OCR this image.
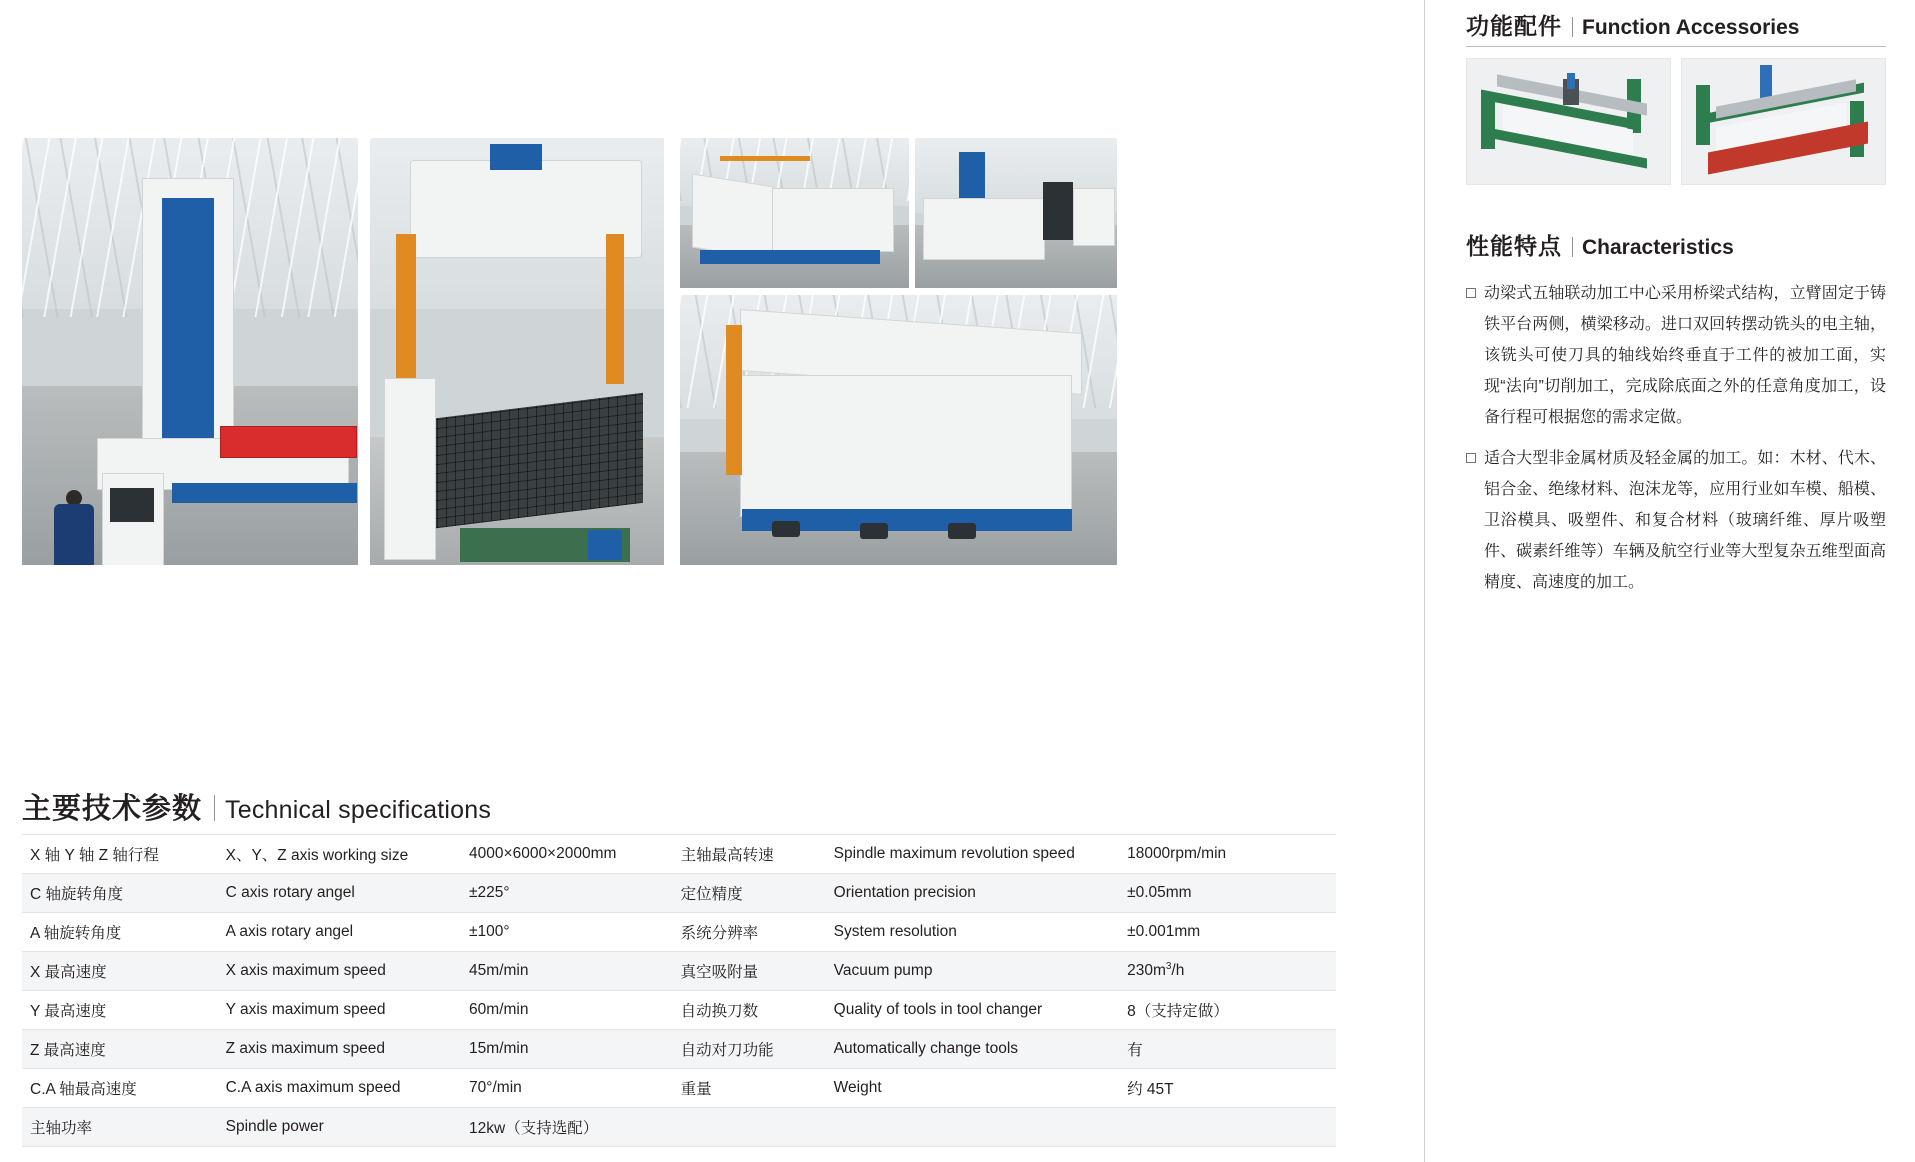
主要技术参数 Technical specifications
X 轴 Y 轴 Z 轴行程	X、Y、Z axis working size	4000×6000×2000mm	主轴最高转速	Spindle maximum revolution speed	18000rpm/min
C 轴旋转角度	C axis rotary angel	±225°	定位精度	Orientation precision	±0.05mm
A 轴旋转角度	A axis rotary angel	±100°	系统分辨率	System resolution	±0.001mm
X 最高速度	X axis maximum speed	45m/min	真空吸附量	Vacuum pump	$230m^3/h$
Y 最高速度	Y axis maximum speed	60m/min	自动换刀数	Quality of tools in tool changer	8（支持定做）
Z 最高速度	Z axis maximum speed	15m/min	自动对刀功能	Automatically change tools	有
C.A 轴最高速度	C.A axis maximum speed	70°/min	重量	Weight	约 45T
主轴功率	Spindle power	12kw（支持选配）			
功能配件 Function Accessories
性能特点 Characteristics
动梁式五轴联动加工中心采用桥梁式结构，立臂固定于铸铁平台两侧，横梁移动。进口双回转摆动铣头的电主轴，该铣头可使刀具的轴线始终垂直于工件的被加工面，实现“法向”切削加工，完成除底面之外的任意角度加工，设备行程可根据您的需求定做。
适合大型非金属材质及轻金属的加工。如：木材、代木、铝合金、绝缘材料、泡沫龙等，应用行业如车模、船模、卫浴模具、吸塑件、和复合材料（玻璃纤维、厚片吸塑件、碳素纤维等）车辆及航空行业等大型复杂五维型面高精度、高速度的加工。
